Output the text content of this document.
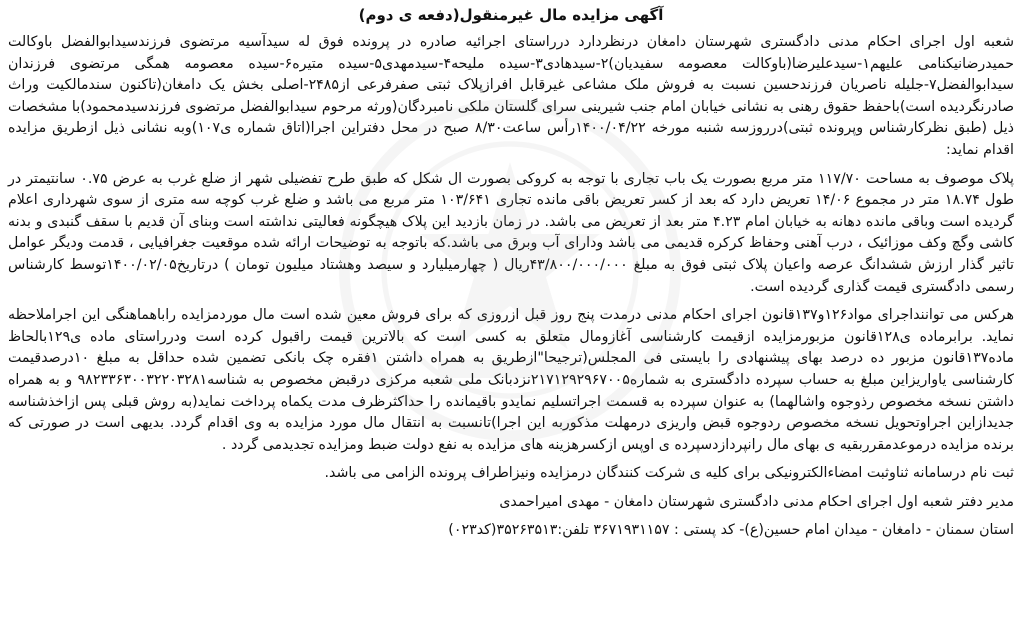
آگهی مزایده مال غیرمنقول(دفعه ی دوم)

شعبه اول اجرای احکام مدنی دادگستری شهرستان دامغان درنظردارد درراستای اجرائیه صادره در پرونده فوق له سیدآسیه مرتضوی فرزندسیدابوالفضل باوکالت حمیدرضانیکنامی علیهم۱-سیدعلیرضا(باوکالت معصومه سفیدیان)۲-سیدهادی۳-سیده ملیحه۴-سیدمهدی۵-سیده متیره۶-سیده معصومه همگی مرتضوی فرزندان سیدابوالفضل۷-جلیله ناصریان فرزندحسین نسبت به فروش ملک مشاعی غیرقابل افرازپلاک ثبتی صفرفرعی از۲۴۸۵-اصلی بخش یک دامغان(تاکنون سندمالکیت وراث صادرنگردیده است)باحفظ حقوق رهنی به نشانی خیابان امام جنب شیرینی سرای گلستان ملکی نامبردگان(ورثه مرحوم سیدابوالفضل مرتضوی فرزندسیدمحمود)با مشخصات ذیل (طبق نظرکارشناس وپرونده ثبتی)درروزسه شنبه مورخه ۱۴۰۰/۰۴/۲۲رأس ساعت۸/۳۰ صبح در محل دفتراین اجرا(اتاق شماره ی۱۰۷)وبه نشانی ذیل ازطریق مزایده اقدام نماید:

پلاک موصوف به مساحت ۱۱۷/۷۰ متر مربع بصورت یک باب تجاری با توجه به کروکی بصورت ال شکل که طبق طرح تفضیلی شهر از ضلع غرب به عرض ۰.۷۵ سانتیمتر در طول ۱۸.۷۴ متر در مجموع ۱۴/۰۶ تعریض دارد که بعد از کسر تعریض باقی مانده تجاری ۱۰۳/۶۴۱ متر مربع می باشد و ضلع غرب کوچه سه متری از سوی شهرداری اعلام گردیده است وباقی مانده دهانه به خیابان امام ۴.۲۳ متر بعد از تعریض می باشد. در زمان بازدید این پلاک هیچگونه فعالیتی نداشته است وبنای آن قدیم با سقف گنبدی و بدنه کاشی وگچ وکف موزائیک ، درب آهنی وحفاظ کرکره قدیمی می باشد ودارای آب وبرق می باشد.که باتوجه به توضیحات ارائه شده موقعیت جغرافیایی ، قدمت ودیگر عوامل تاثیر گذار ارزش ششدانگ عرصه واعیان پلاک ثبتی فوق به مبلغ ۴۳/۸۰۰/۰۰۰/۰۰۰ریال ( چهارمیلیارد و سیصد وهشتاد میلیون تومان ) درتاریخ۱۴۰۰/۰۲/۰۵توسط کارشناس رسمی دادگستری قیمت گذاری گردیده است.

هرکس می تواننداجرای مواد۱۲۶و۱۳۷قانون اجرای احکام مدنی درمدت پنج روز قبل ازروزی که برای فروش معین شده است مال موردمزایده راباهماهنگی این اجراملاحظه نماید. برابرماده ی۱۲۸قانون مزبورمزایده ازقیمت کارشناسی آغازومال متعلق به کسی است که بالاترین قیمت راقبول کرده است ودرراستای ماده ی۱۲۹بالحاظ ماده۱۳۷قانون مزبور ده درصد بهای پیشنهادی را بایستی فی المجلس(ترجیحا"ازطریق به همراه داشتن ۱فقره چک بانکی تضمین شده حداقل به مبلغ ۱۰درصدقیمت کارشناسی یاواریزاین مبلغ به حساب سپرده دادگستری به شماره۲۱۷۱۲۹۲۹۶۷۰۰۵نزدبانک ملی شعبه مرکزی درقبض مخصوص به شناسه۹۸۲۳۳۶۳۰۰۳۲۲۰۳۲۸۱ و به همراه داشتن نسخه مخصوص رذوجوه واشالهما) به عنوان سپرده به قسمت اجراتسلیم نمایدو باقیمانده را حداکثرظرف مدت یکماه پرداخت نماید(به روش قبلی پس ازاخذشناسه جدیدازاین اجراوتحویل نسخه مخصوص ردوجوه قبض واریزی درمهلت مذکوربه این اجرا)تانسبت به انتقال مال مورد مزایده به وی اقدام گردد. بدیهی است در صورتی که برنده مزایده درموعدمقرربقیه ی بهای مال رانپردازدسپرده ی اوپس ازکسرهزینه های مزایده به نفع دولت ضبط ومزایده تجدیدمی گردد .

ثبت نام درسامانه ثناوثبت امضاءالکترونیکی برای کلیه ی شرکت کنندگان درمزایده ونیزاطراف پرونده الزامی می باشد.
مدیر دفتر شعبه اول اجرای احکام مدنی دادگستری شهرستان دامغان - مهدی امیراحمدی
استان سمنان - دامغان - میدان امام حسین(ع)- کد پستی : ۳۶۷۱۹۳۱۱۵۷ تلفن:۳۵۲۶۳۵۱۳(کد۰۲۳)
